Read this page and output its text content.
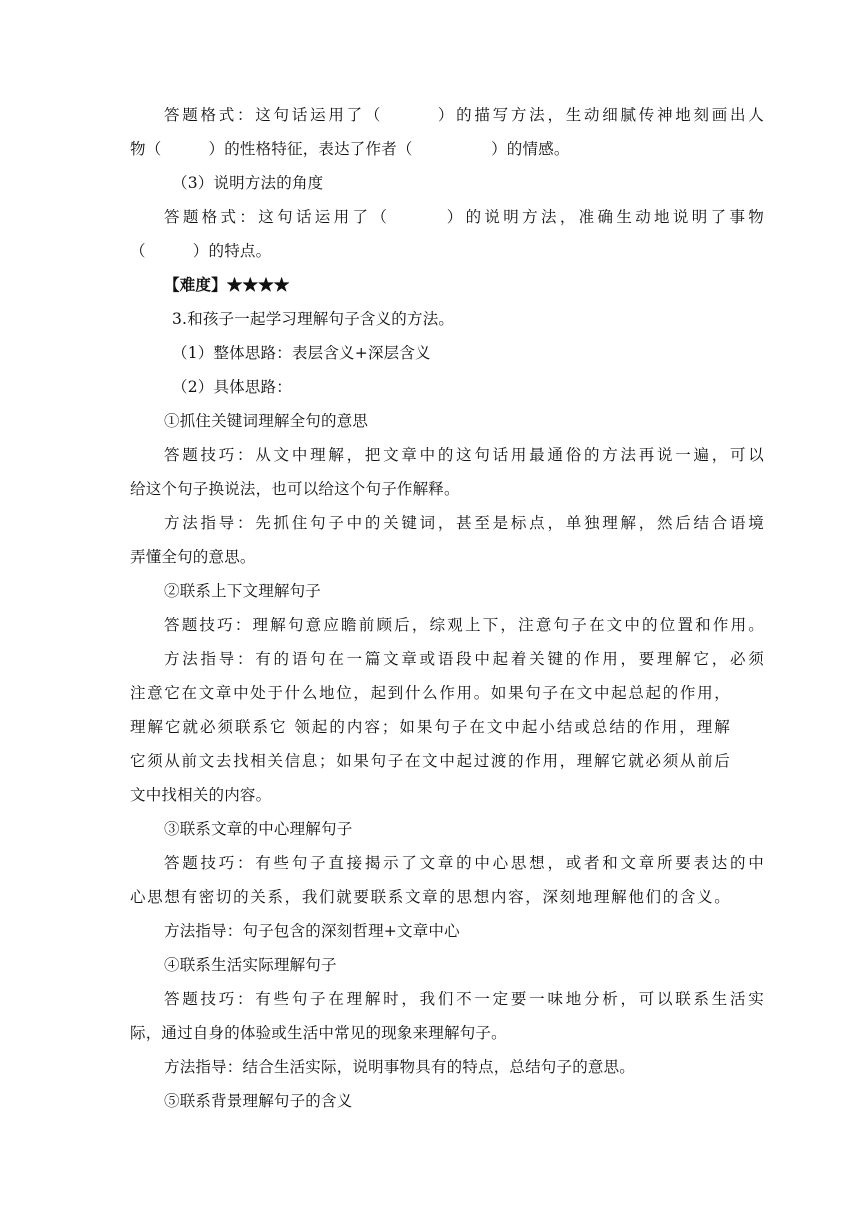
答题格式：这句话运用了（　　　）的描写方法，生动细腻传神地刻画出人
物（　　　）的性格特征，表达了作者（　　　　　）的情感。
（3）说明方法的角度
答题格式：这句话运用了（　　　）的说明方法，准确生动地说明了事物
（　　　）的特点。
【难度】★★★★
3.和孩子一起学习理解句子含义的方法。
（1）整体思路：表层含义+深层含义
（2）具体思路：
①抓住关键词理解全句的意思
答题技巧：从文中理解，把文章中的这句话用最通俗的方法再说一遍，可以
给这个句子换说法，也可以给这个句子作解释。
方法指导：先抓住句子中的关键词，甚至是标点，单独理解，然后结合语境
弄懂全句的意思。
②联系上下文理解句子
答题技巧：理解句意应瞻前顾后，综观上下，注意句子在文中的位置和作用。
方法指导：有的语句在一篇文章或语段中起着关键的作用，要理解它，必须
注意它在文章中处于什么地位，起到什么作用。如果句子在文中起总起的作用，
理解它就必须联系它 领起的内容；如果句子在文中起小结或总结的作用，理解
它须从前文去找相关信息；如果句子在文中起过渡的作用，理解它就必须从前后
文中找相关的内容。
③联系文章的中心理解句子
答题技巧：有些句子直接揭示了文章的中心思想，或者和文章所要表达的中
心思想有密切的关系，我们就要联系文章的思想内容，深刻地理解他们的含义。
方法指导：句子包含的深刻哲理+文章中心
④联系生活实际理解句子
答题技巧：有些句子在理解时，我们不一定要一味地分析，可以联系生活实
际，通过自身的体验或生活中常见的现象来理解句子。
方法指导：结合生活实际，说明事物具有的特点，总结句子的意思。
⑤联系背景理解句子的含义
